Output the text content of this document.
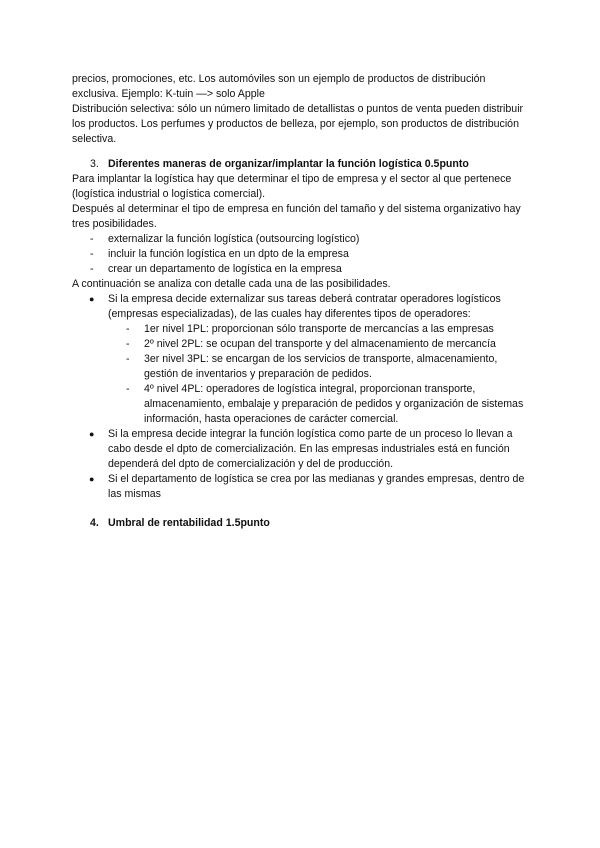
precios, promociones, etc. Los automóviles son un ejemplo de productos de distribución exclusiva. Ejemplo: K-tuin —> solo Apple

Distribución selectiva: sólo un número limitado de detallistas o puntos de venta pueden distribuir los productos. Los perfumes y productos de belleza, por ejemplo, son productos de distribución selectiva.

3. Diferentes maneras de organizar/implantar la función logística 0.5punto

Para implantar la logística hay que determinar el tipo de empresa y el sector al que pertenece (logística industrial o logística comercial).

Después al determinar el tipo de empresa en función del tamaño y del sistema organizativo hay tres posibilidades.

- externalizar la función logística (outsourcing logístico)
- incluir la función logística en un dpto de la empresa
- crear un departamento de logística en la empresa

A continuación se analiza con detalle cada una de las posibilidades.

● Si la empresa decide externalizar sus tareas deberá contratar operadores logísticos (empresas especializadas), de las cuales hay diferentes tipos de operadores:
- 1er nivel 1PL: proporcionan sólo transporte de mercancías a las empresas
- 2º nivel 2PL: se ocupan del transporte y del almacenamiento de mercancía
- 3er nivel 3PL: se encargan de los servicios de transporte, almacenamiento, gestión de inventarios y preparación de pedidos.
- 4º nivel 4PL: operadores de logística integral, proporcionan transporte, almacenamiento, embalaje y preparación de pedidos y organización de sistemas información, hasta operaciones de carácter comercial.
● Si la empresa decide integrar la función logística como parte de un proceso lo llevan a cabo desde el dpto de comercialización. En las empresas industriales está en función dependerá del dpto de comercialización y del de producción.
● Si el departamento de logística se crea por las medianas y grandes empresas, dentro de las mismas

4. Umbral de rentabilidad 1.5punto
